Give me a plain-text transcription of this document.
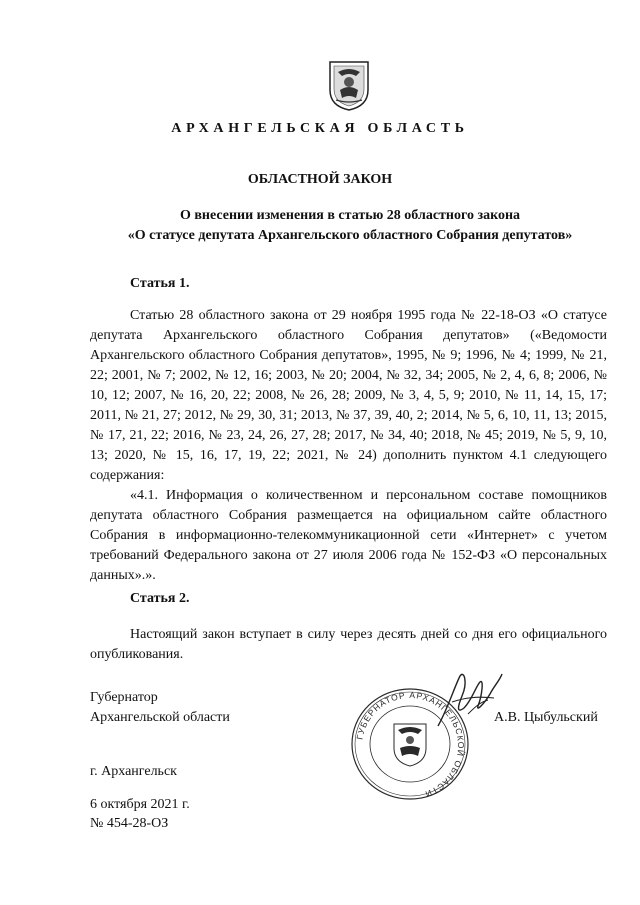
АРХАНГЕЛЬСКАЯ ОБЛАСТЬ
ОБЛАСТНОЙ ЗАКОН
О внесении изменения в статью 28 областного закона
«О статусе депутата Архангельского областного Собрания депутатов»
Статья 1.

Статью 28 областного закона от 29 ноября 1995 года № 22-18-ОЗ «О статусе депутата Архангельского областного Собрания депутатов» («Ведомости Архангельского областного Собрания депутатов», 1995, № 9; 1996, № 4; 1999, № 21, 22; 2001, № 7; 2002, № 12, 16; 2003, № 20; 2004, № 32, 34; 2005, № 2, 4, 6, 8; 2006, № 10, 12; 2007, № 16, 20, 22; 2008, № 26, 28; 2009, № 3, 4, 5, 9; 2010, № 11, 14, 15, 17; 2011, № 21, 27; 2012, № 29, 30, 31; 2013, № 37, 39, 40, 2; 2014, № 5, 6, 10, 11, 13; 2015, № 17, 21, 22; 2016, № 23, 24, 26, 27, 28; 2017, № 34, 40; 2018, № 45; 2019, № 5, 9, 10, 13; 2020, № 15, 16, 17, 19, 22; 2021, № 24) дополнить пунктом 4.1 следующего содержания:

«4.1. Информация о количественном и персональном составе помощников депутата областного Собрания размещается на официальном сайте областного Собрания в информационно-телекоммуникационной сети «Интернет» с учетом требований Федерального закона от 27 июля 2006 года № 152-ФЗ «О персональных данных».».

Статья 2.

Настоящий закон вступает в силу через десять дней со дня его официального опубликования.

Губернатор
Архангельской области
ГУБЕРНАТОР АРХАНГЕЛЬСКОЙ ОБЛАСТИ
А.В. Цыбульский
г. Архангельск
6 октября 2021 г.
№ 454-28-ОЗ
